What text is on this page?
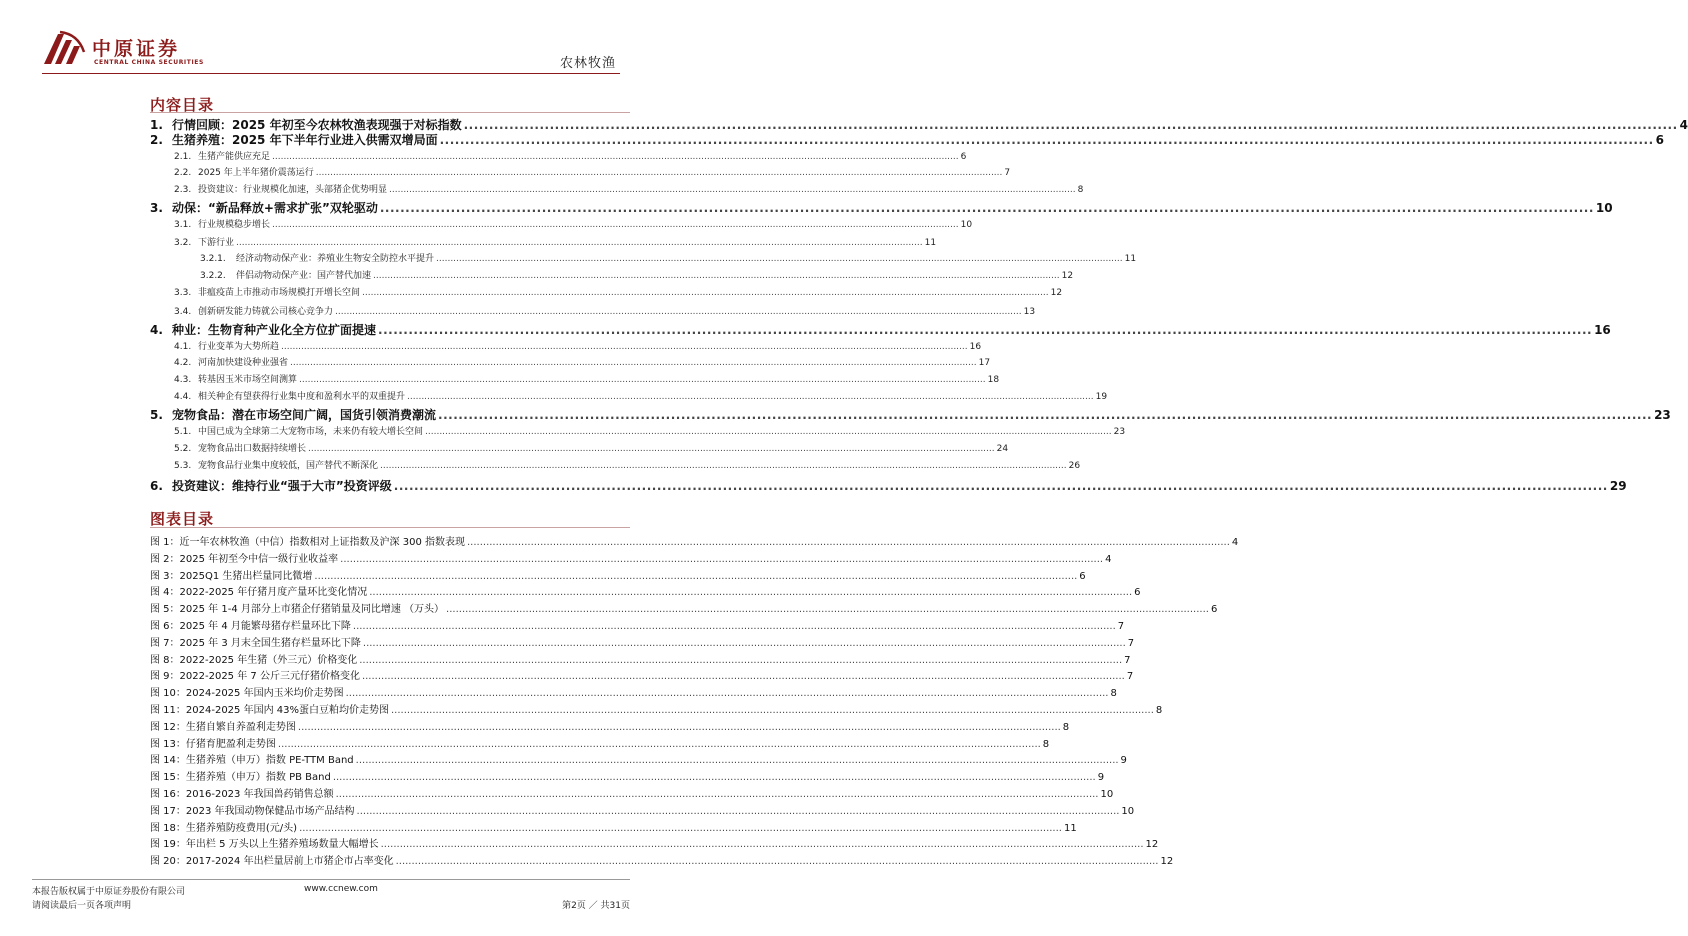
中原证券
CENTRAL CHINA SECURITIES	农林牧渔
内容目录
1. 行情回顾：2025 年初至今农林牧渔表现强于对标指数 .....	4
2. 生猪养殖：2025 年下半年行业进入供需双增局面 .....	6
2.1. 生猪产能供应充足 .....	6
2.2. 2025 年上半年猪价震荡运行 .....	7
2.3. 投资建议：行业规模化加速，头部猪企优势明显 .....	8
3. 动保：“新品释放+需求扩张”双轮驱动 .....	10
3.1. 行业规模稳步增长 .....	10
3.2. 下游行业 .....	11
3.2.1.	经济动物动保产业：养殖业生物安全防控水平提升 .....	11
3.2.2.	伴侣动物动保产业：国产替代加速 .....	12
3.3. 非瘟疫苗上市推动市场规模打开增长空间 .....	12
3.4. 创新研发能力铸就公司核心竞争力 .....	13
4. 种业：生物育种产业化全方位扩面提速 .....	16
4.1. 行业变革为大势所趋 .....	16
4.2. 河南加快建设种业强省 .....	17
4.3. 转基因玉米市场空间测算 .....	18
4.4. 相关种企有望获得行业集中度和盈利水平的双重提升 .....	19
5. 宠物食品：潜在市场空间广阔，国货引领消费潮流 .....	23
5.1. 中国已成为全球第二大宠物市场，未来仍有较大增长空间 .....	23
5.2. 宠物食品出口数据持续增长 .....	24
5.3. 宠物食品行业集中度较低，国产替代不断深化 .....	26
6. 投资建议：维持行业“强于大市”投资评级 .....	29
图表目录
图 1：近一年农林牧渔（中信）指数相对上证指数及沪深 300 指数表现 .....	4
图 2：2025 年初至今中信一级行业收益率 .....	4
图 3：2025Q1 生猪出栏量同比微增 .....	6
图 4：2022-2025 年仔猪月度产量环比变化情况 .....	6
图 5：2025 年 1-4 月部分上市猪企仔猪销量及同比增速 （万头） .....	6
图 6：2025 年 4 月能繁母猪存栏量环比下降 .....	7
图 7：2025 年 3 月末全国生猪存栏量环比下降 .....	7
图 8：2022-2025 年生猪（外三元）价格变化 .....	7
图 9：2022-2025 年 7 公斤三元仔猪价格变化 .....	7
图 10：2024-2025 年国内玉米均价走势图 .....	8
图 11：2024-2025 年国内 43%蛋白豆粕均价走势图 .....	8
图 12：生猪自繁自养盈利走势图 .....	8
图 13：仔猪育肥盈利走势图 .....	8
图 14：生猪养殖（申万）指数 PE-TTM Band .....	9
图 15：生猪养殖（申万）指数 PB Band .....	9
图 16：2016-2023 年我国兽药销售总额 .....	10
图 17：2023 年我国动物保健品市场产品结构 .....	10
图 18：生猪养殖防疫费用(元/头) .....	11
图 19：年出栏 5 万头以上生猪养殖场数量大幅增长 .....	12
图 20：2017-2024 年出栏量居前上市猪企市占率变化 .....	12
本报告版权属于中原证券股份有限公司	www.ccnew.com
请阅读最后一页各项声明	第2页 ／ 共31页
